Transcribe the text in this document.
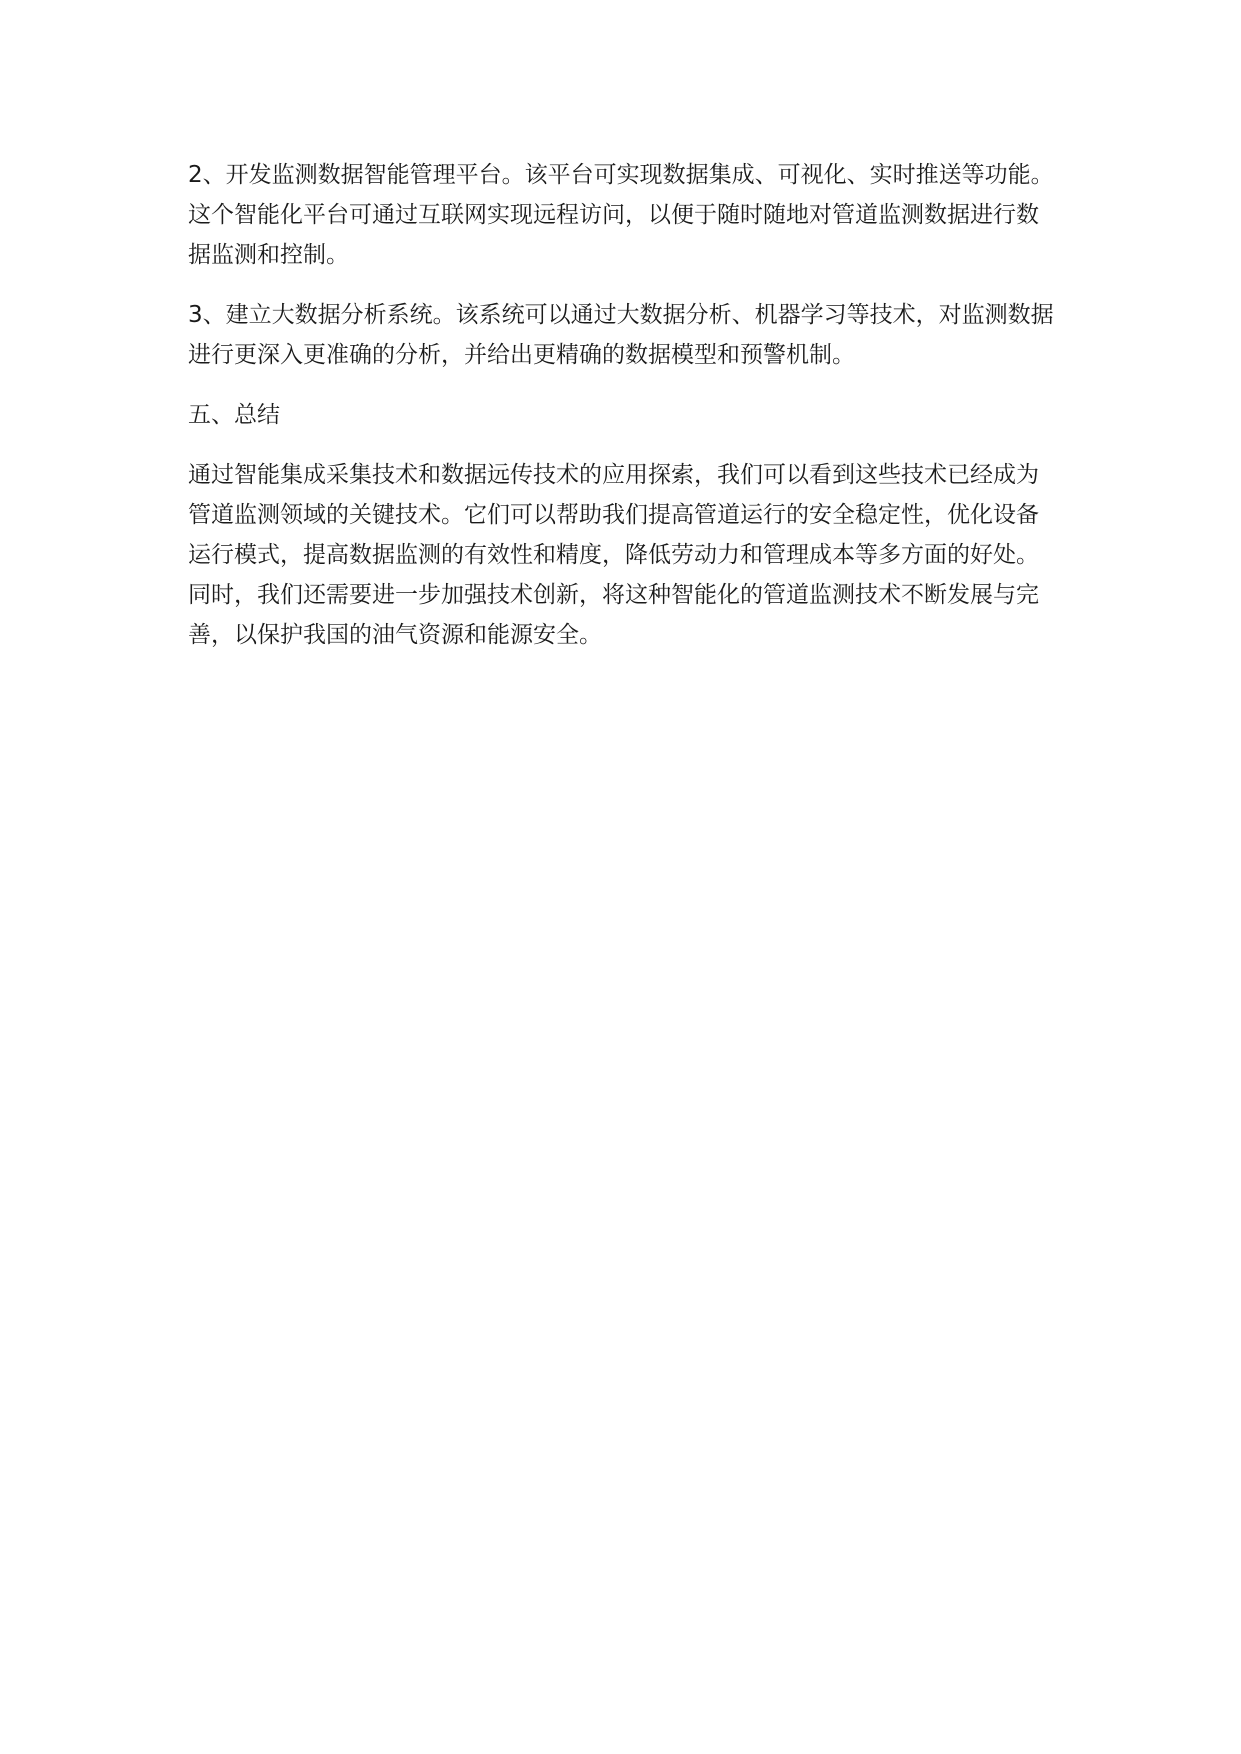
2、开发监测数据智能管理平台。该平台可实现数据集成、可视化、实时推送等功能。
这个智能化平台可通过互联网实现远程访问，以便于随时随地对管道监测数据进行数
据监测和控制。

3、建立大数据分析系统。该系统可以通过大数据分析、机器学习等技术，对监测数据
进行更深入更准确的分析，并给出更精确的数据模型和预警机制。

五、总结

通过智能集成采集技术和数据远传技术的应用探索，我们可以看到这些技术已经成为
管道监测领域的关键技术。它们可以帮助我们提高管道运行的安全稳定性，优化设备
运行模式，提高数据监测的有效性和精度，降低劳动力和管理成本等多方面的好处。
同时，我们还需要进一步加强技术创新，将这种智能化的管道监测技术不断发展与完
善，以保护我国的油气资源和能源安全。
